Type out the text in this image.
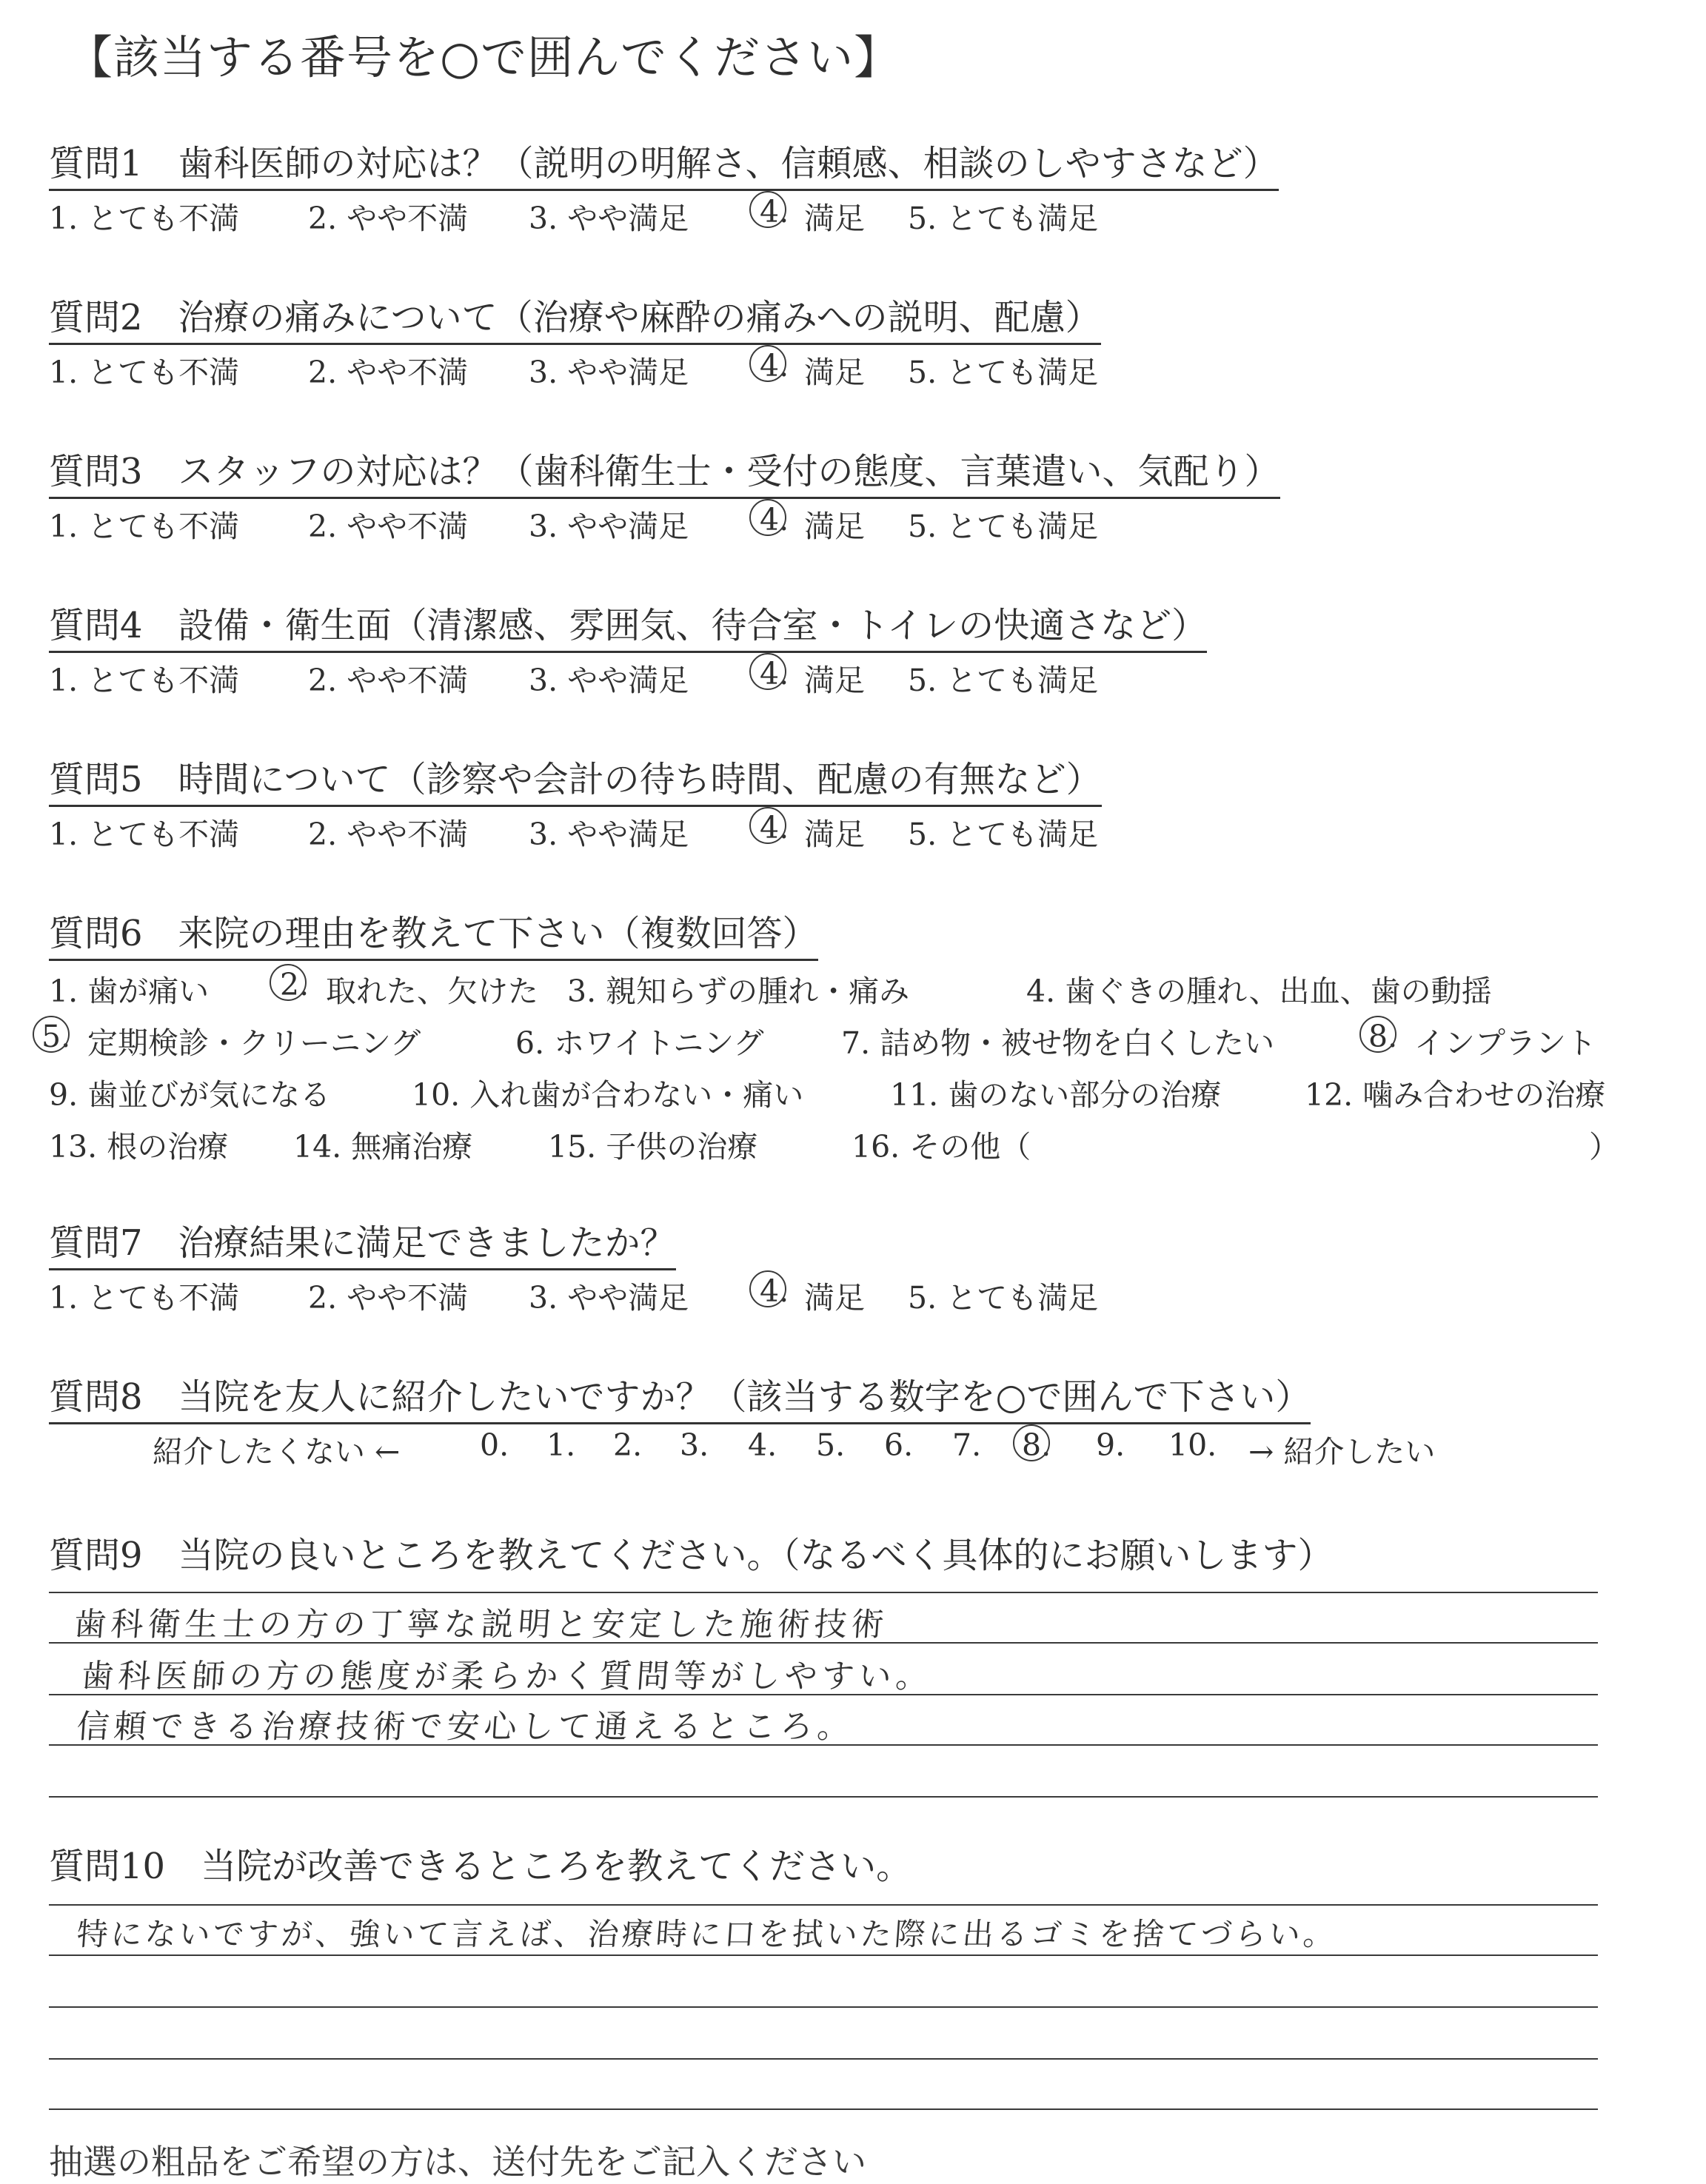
【該当する番号を○で囲んでください】
質問1　歯科医師の対応は？（説明の明解さ、信頼感、相談のしやすさなど）
1. とても不満 2. やや不満 3. やや満足 4. 満足 5. とても満足
質問2　治療の痛みについて（治療や麻酔の痛みへの説明、配慮）
1. とても不満 2. やや不満 3. やや満足 4. 満足 5. とても満足
質問3　スタッフの対応は？（歯科衛生士・受付の態度、言葉遣い、気配り）
1. とても不満 2. やや不満 3. やや満足 4. 満足 5. とても満足
質問4　設備・衛生面（清潔感、雰囲気、待合室・トイレの快適さなど）
1. とても不満 2. やや不満 3. やや満足 4. 満足 5. とても満足
質問5　時間について（診察や会計の待ち時間、配慮の有無など）
1. とても不満 2. やや不満 3. やや満足 4. 満足 5. とても満足
質問6　来院の理由を教えて下さい（複数回答）
1. 歯が痛い 2. 取れた、欠けた 3. 親知らずの腫れ・痛み	4. 歯ぐきの腫れ、出血、歯の動揺
5. 定期検診・クリーニング	6. ホワイトニング	7. 詰め物・被せ物を白くしたい	8. インプラント
9. 歯並びが気になる	10. 入れ歯が合わない・痛い	11. 歯のない部分の治療	12. 噛み合わせの治療
13. 根の治療 14. 無痛治療 15. 子供の治療	16. その他（	）
質問7　治療結果に満足できましたか？
1. とても不満 2. やや不満 3. やや満足 4. 満足 5. とても満足
質問8　当院を友人に紹介したいですか？（該当する数字を○で囲んで下さい）
紹介したくない ←	0. 1. 2. 3. 4. 5. 6. 7. 8. 9. 10. → 紹介したい
質問9　当院の良いところを教えてください。（なるべく具体的にお願いします）
歯科衛生士の方の丁寧な説明と安定した施術技術
歯科医師の方の態度が柔らかく質問等がしやすい。
信頼できる治療技術で安心して通えるところ。
質問10　当院が改善できるところを教えてください。
特にないですが、強いて言えば、治療時に口を拭いた際に出るゴミを捨てづらい。
抽選の粗品をご希望の方は、送付先をご記入ください
